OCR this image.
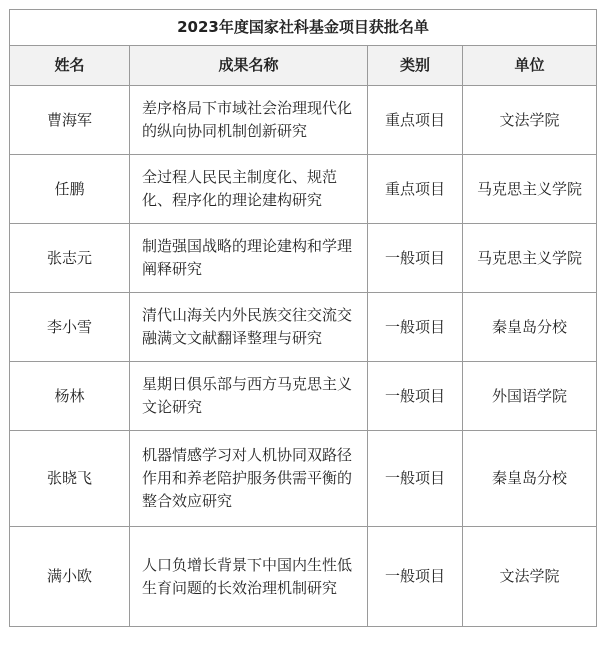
2023年度国家社科基金项目获批名单			
姓名	成果名称	类别	单位
曹海军	差序格局下市域社会治理现代化的纵向协同机制创新研究	重点项目	文法学院
任鹏	全过程人民民主制度化、规范化、程序化的理论建构研究	重点项目	马克思主义学院
张志元	制造强国战略的理论建构和学理阐释研究	一般项目	马克思主义学院
李小雪	清代山海关内外民族交往交流交融满文文献翻译整理与研究	一般项目	秦皇岛分校
杨林	星期日俱乐部与西方马克思主义文论研究	一般项目	外国语学院
张晓飞	机器情感学习对人机协同双路径作用和养老陪护服务供需平衡的整合效应研究	一般项目	秦皇岛分校
满小欧	人口负增长背景下中国内生性低生育问题的长效治理机制研究	一般项目	文法学院
